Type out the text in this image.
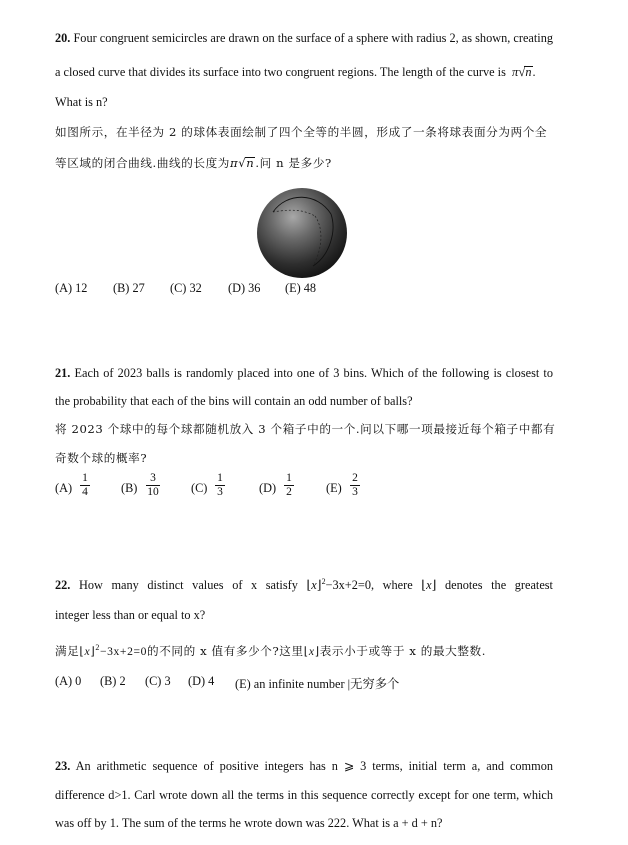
20. Four congruent semicircles are drawn on the surface of a sphere with radius 2, as shown, creating
a closed curve that divides its surface into two congruent regions. The length of the curve is π√n.
What is n?
如图所示，在半径为 2 的球体表面绘制了四个全等的半圆，形成了一条将球表面分为两个全
等区域的闭合曲线.曲线的长度为π√n.问 n 是多少?
(A) 12 (B) 27 (C) 32 (D) 36 (E) 48
21. Each of 2023 balls is randomly placed into one of 3 bins. Which of the following is closest to
the probability that each of the bins will contain an odd number of balls?
将 2023 个球中的每个球都随机放入 3 个箱子中的一个.问以下哪一项最接近每个箱子中都有
奇数个球的概率?
(A)
1
4	(B)
3
10	(C)
1
3	(D)
1
2	(E)
2
3
22. How many distinct values of x satisfy ⌊x⌋$^2$−3x+2=0, where ⌊x⌋ denotes the greatest
integer less than or equal to x?
满足⌊x⌋$^2$−3x+2=0的不同的 x 值有多少个?这里⌊x⌋表示小于或等于 x 的最大整数.
(A) 0 (B) 2 (C) 3 (D) 4 (E) an infinite number |无穷多个
23. An arithmetic sequence of positive integers has n ⩾ 3 terms, initial term a, and common
difference d>1. Carl wrote down all the terms in this sequence correctly except for one term, which
was off by 1. The sum of the terms he wrote down was 222. What is a + d + n?
